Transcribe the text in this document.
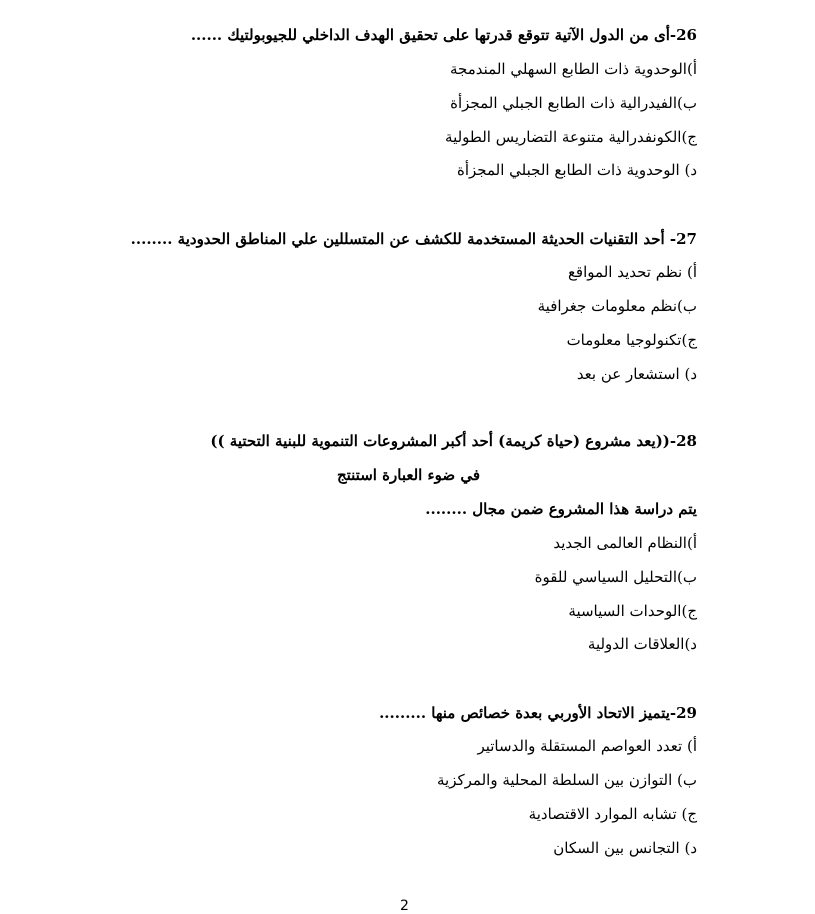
26-أى من الدول الآتية تتوقع قدرتها على تحقيق الهدف الداخلي للجيوبولتيك ......
أ)الوحدوية ذات الطابع السهلي المندمجة
ب)الفيدرالية ذات الطابع الجبلي المجزأة
ج)الكونفدرالية متنوعة التضاريس الطولية
د) الوحدوية ذات الطابع الجبلي المجزأة
27- أحد التقنيات الحديثة المستخدمة للكشف عن المتسللين علي المناطق الحدودية ........
أ) نظم تحديد المواقع
ب)نظم معلومات جغرافية
ج)تكنولوجيا معلومات
د) استشعار عن بعد
28-((يعد مشروع (حياة كريمة) أحد أكبر المشروعات التنموية للبنية التحتية ))
في ضوء العبارة استنتج
يتم دراسة هذا المشروع ضمن مجال ........
أ)النظام العالمى الجديد
ب)التحليل السياسي للقوة
ج)الوحدات السياسية
د)العلاقات الدولية
29-يتميز الاتحاد الأوربي بعدة خصائص منها .........
أ) تعدد العواصم المستقلة والدساتير
ب) التوازن بين السلطة المحلية والمركزية
ج) تشابه الموارد الاقتصادية
د) التجانس بين السكان
2
